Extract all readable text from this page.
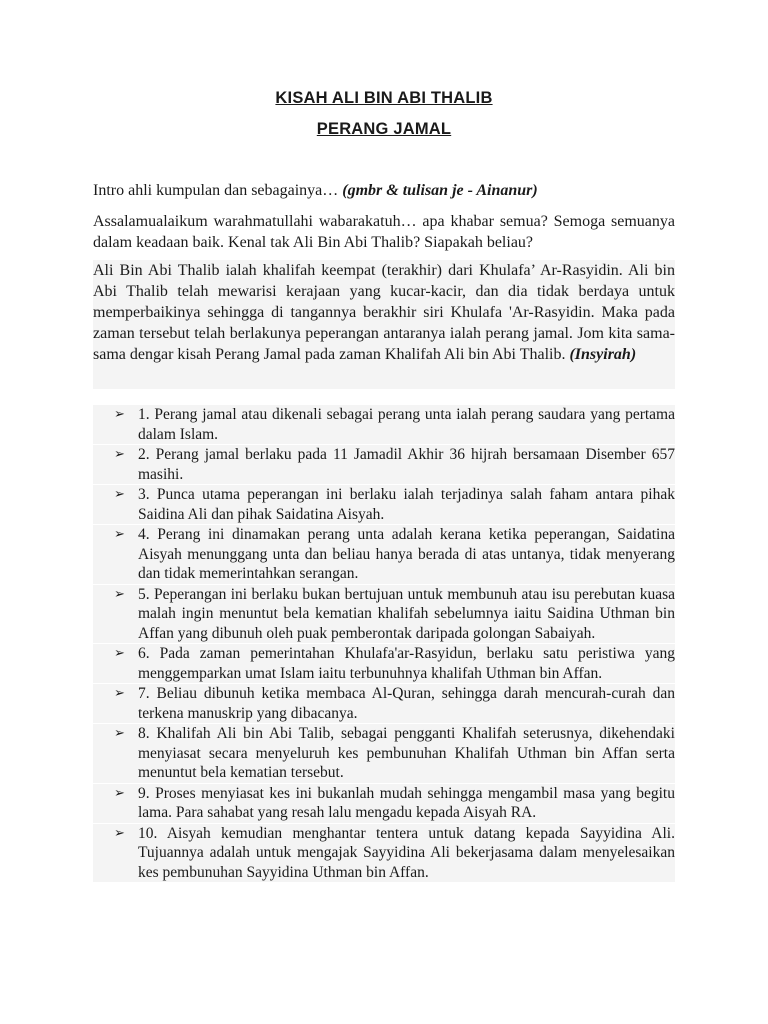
KISAH ALI BIN ABI THALIB
PERANG JAMAL
Intro ahli kumpulan dan sebagainya… (gmbr & tulisan je - Ainanur)
Assalamualaikum warahmatullahi wabarakatuh… apa khabar semua? Semoga semuanya dalam keadaan baik. Kenal tak Ali Bin Abi Thalib? Siapakah beliau?
Ali Bin Abi Thalib ialah khalifah keempat (terakhir) dari Khulafa’ Ar-Rasyidin. Ali bin Abi Thalib telah mewarisi kerajaan yang kucar-kacir, dan dia tidak berdaya untuk memperbaikinya sehingga di tangannya berakhir siri Khulafa 'Ar-Rasyidin. Maka pada zaman tersebut telah berlakunya peperangan antaranya ialah perang jamal. Jom kita sama-sama dengar kisah Perang Jamal pada zaman Khalifah Ali bin Abi Thalib. (Insyirah)
➢ 1. Perang jamal atau dikenali sebagai perang unta ialah perang saudara yang pertama dalam Islam.
➢ 2. Perang jamal berlaku pada 11 Jamadil Akhir 36 hijrah bersamaan Disember 657 masihi.
➢ 3. Punca utama peperangan ini berlaku ialah terjadinya salah faham antara pihak Saidina Ali dan pihak Saidatina Aisyah.
➢ 4. Perang ini dinamakan perang unta adalah kerana ketika peperangan, Saidatina Aisyah menunggang unta dan beliau hanya berada di atas untanya, tidak menyerang dan tidak memerintahkan serangan.
➢ 5. Peperangan ini berlaku bukan bertujuan untuk membunuh atau isu perebutan kuasa malah ingin menuntut bela kematian khalifah sebelumnya iaitu Saidina Uthman bin Affan yang dibunuh oleh puak pemberontak daripada golongan Sabaiyah.
➢ 6. Pada zaman pemerintahan Khulafa'ar-Rasyidun, berlaku satu peristiwa yang menggemparkan umat Islam iaitu terbunuhnya khalifah Uthman bin Affan.
➢ 7. Beliau dibunuh ketika membaca Al-Quran, sehingga darah mencurah-curah dan terkena manuskrip yang dibacanya.
➢ 8. Khalifah Ali bin Abi Talib, sebagai pengganti Khalifah seterusnya, dikehendaki menyiasat secara menyeluruh kes pembunuhan Khalifah Uthman bin Affan serta menuntut bela kematian tersebut.
➢ 9. Proses menyiasat kes ini bukanlah mudah sehingga mengambil masa yang begitu lama. Para sahabat yang resah lalu mengadu kepada Aisyah RA.
➢ 10. Aisyah kemudian menghantar tentera untuk datang kepada Sayyidina Ali. Tujuannya adalah untuk mengajak Sayyidina Ali bekerjasama dalam menyelesaikan kes pembunuhan Sayyidina Uthman bin Affan.
